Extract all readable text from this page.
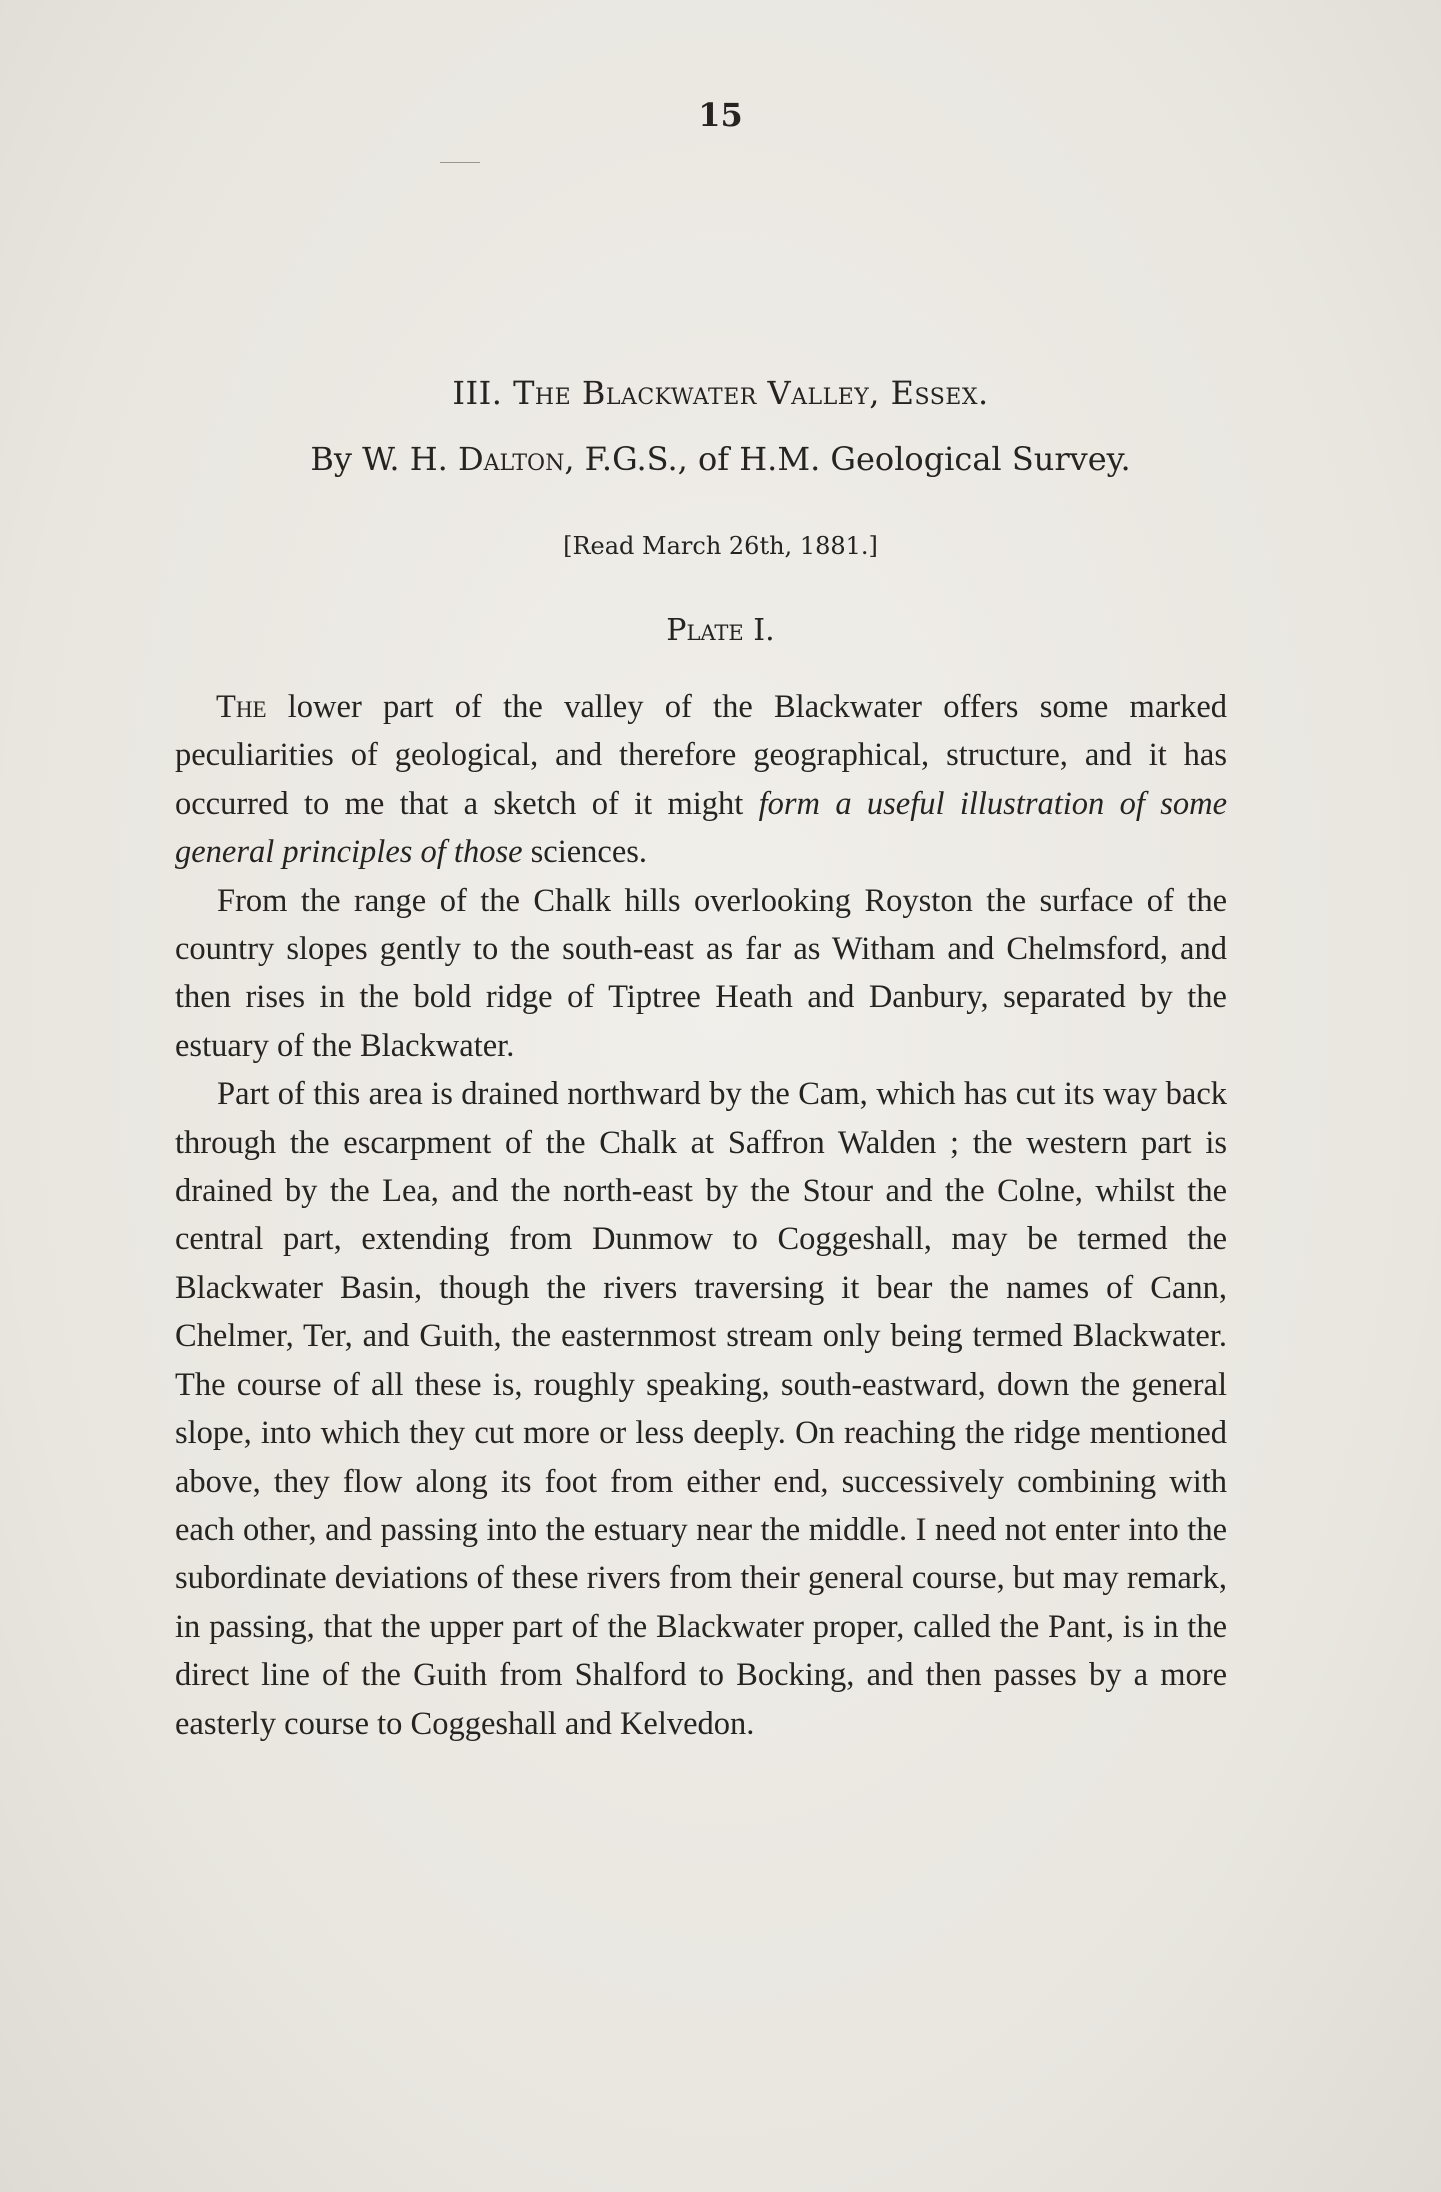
15
III. The Blackwater Valley, Essex.
By W. H. Dalton, F.G.S., of H.M. Geological Survey.
[Read March 26th, 1881.]
Plate I.

The lower part of the valley of the Blackwater offers some marked peculiarities of geological, and therefore geographical, structure, and it has occurred to me that a sketch of it might form a useful illustration of some general principles of those sciences.

From the range of the Chalk hills overlooking Royston the surface of the country slopes gently to the south-east as far as Witham and Chelmsford, and then rises in the bold ridge of Tiptree Heath and Danbury, separated by the estuary of the Blackwater.

Part of this area is drained northward by the Cam, which has cut its way back through the escarpment of the Chalk at Saffron Walden ; the western part is drained by the Lea, and the north-east by the Stour and the Colne, whilst the central part, extending from Dunmow to Coggeshall, may be termed the Blackwater Basin, though the rivers traversing it bear the names of Cann, Chelmer, Ter, and Guith, the easternmost stream only being termed Blackwater. The course of all these is, roughly speaking, south-eastward, down the general slope, into which they cut more or less deeply. On reaching the ridge mentioned above, they flow along its foot from either end, successively combining with each other, and passing into the estuary near the middle. I need not enter into the subordinate deviations of these rivers from their general course, but may remark, in passing, that the upper part of the Blackwater proper, called the Pant, is in the direct line of the Guith from Shalford to Bocking, and then passes by a more easterly course to Coggeshall and Kelvedon.
